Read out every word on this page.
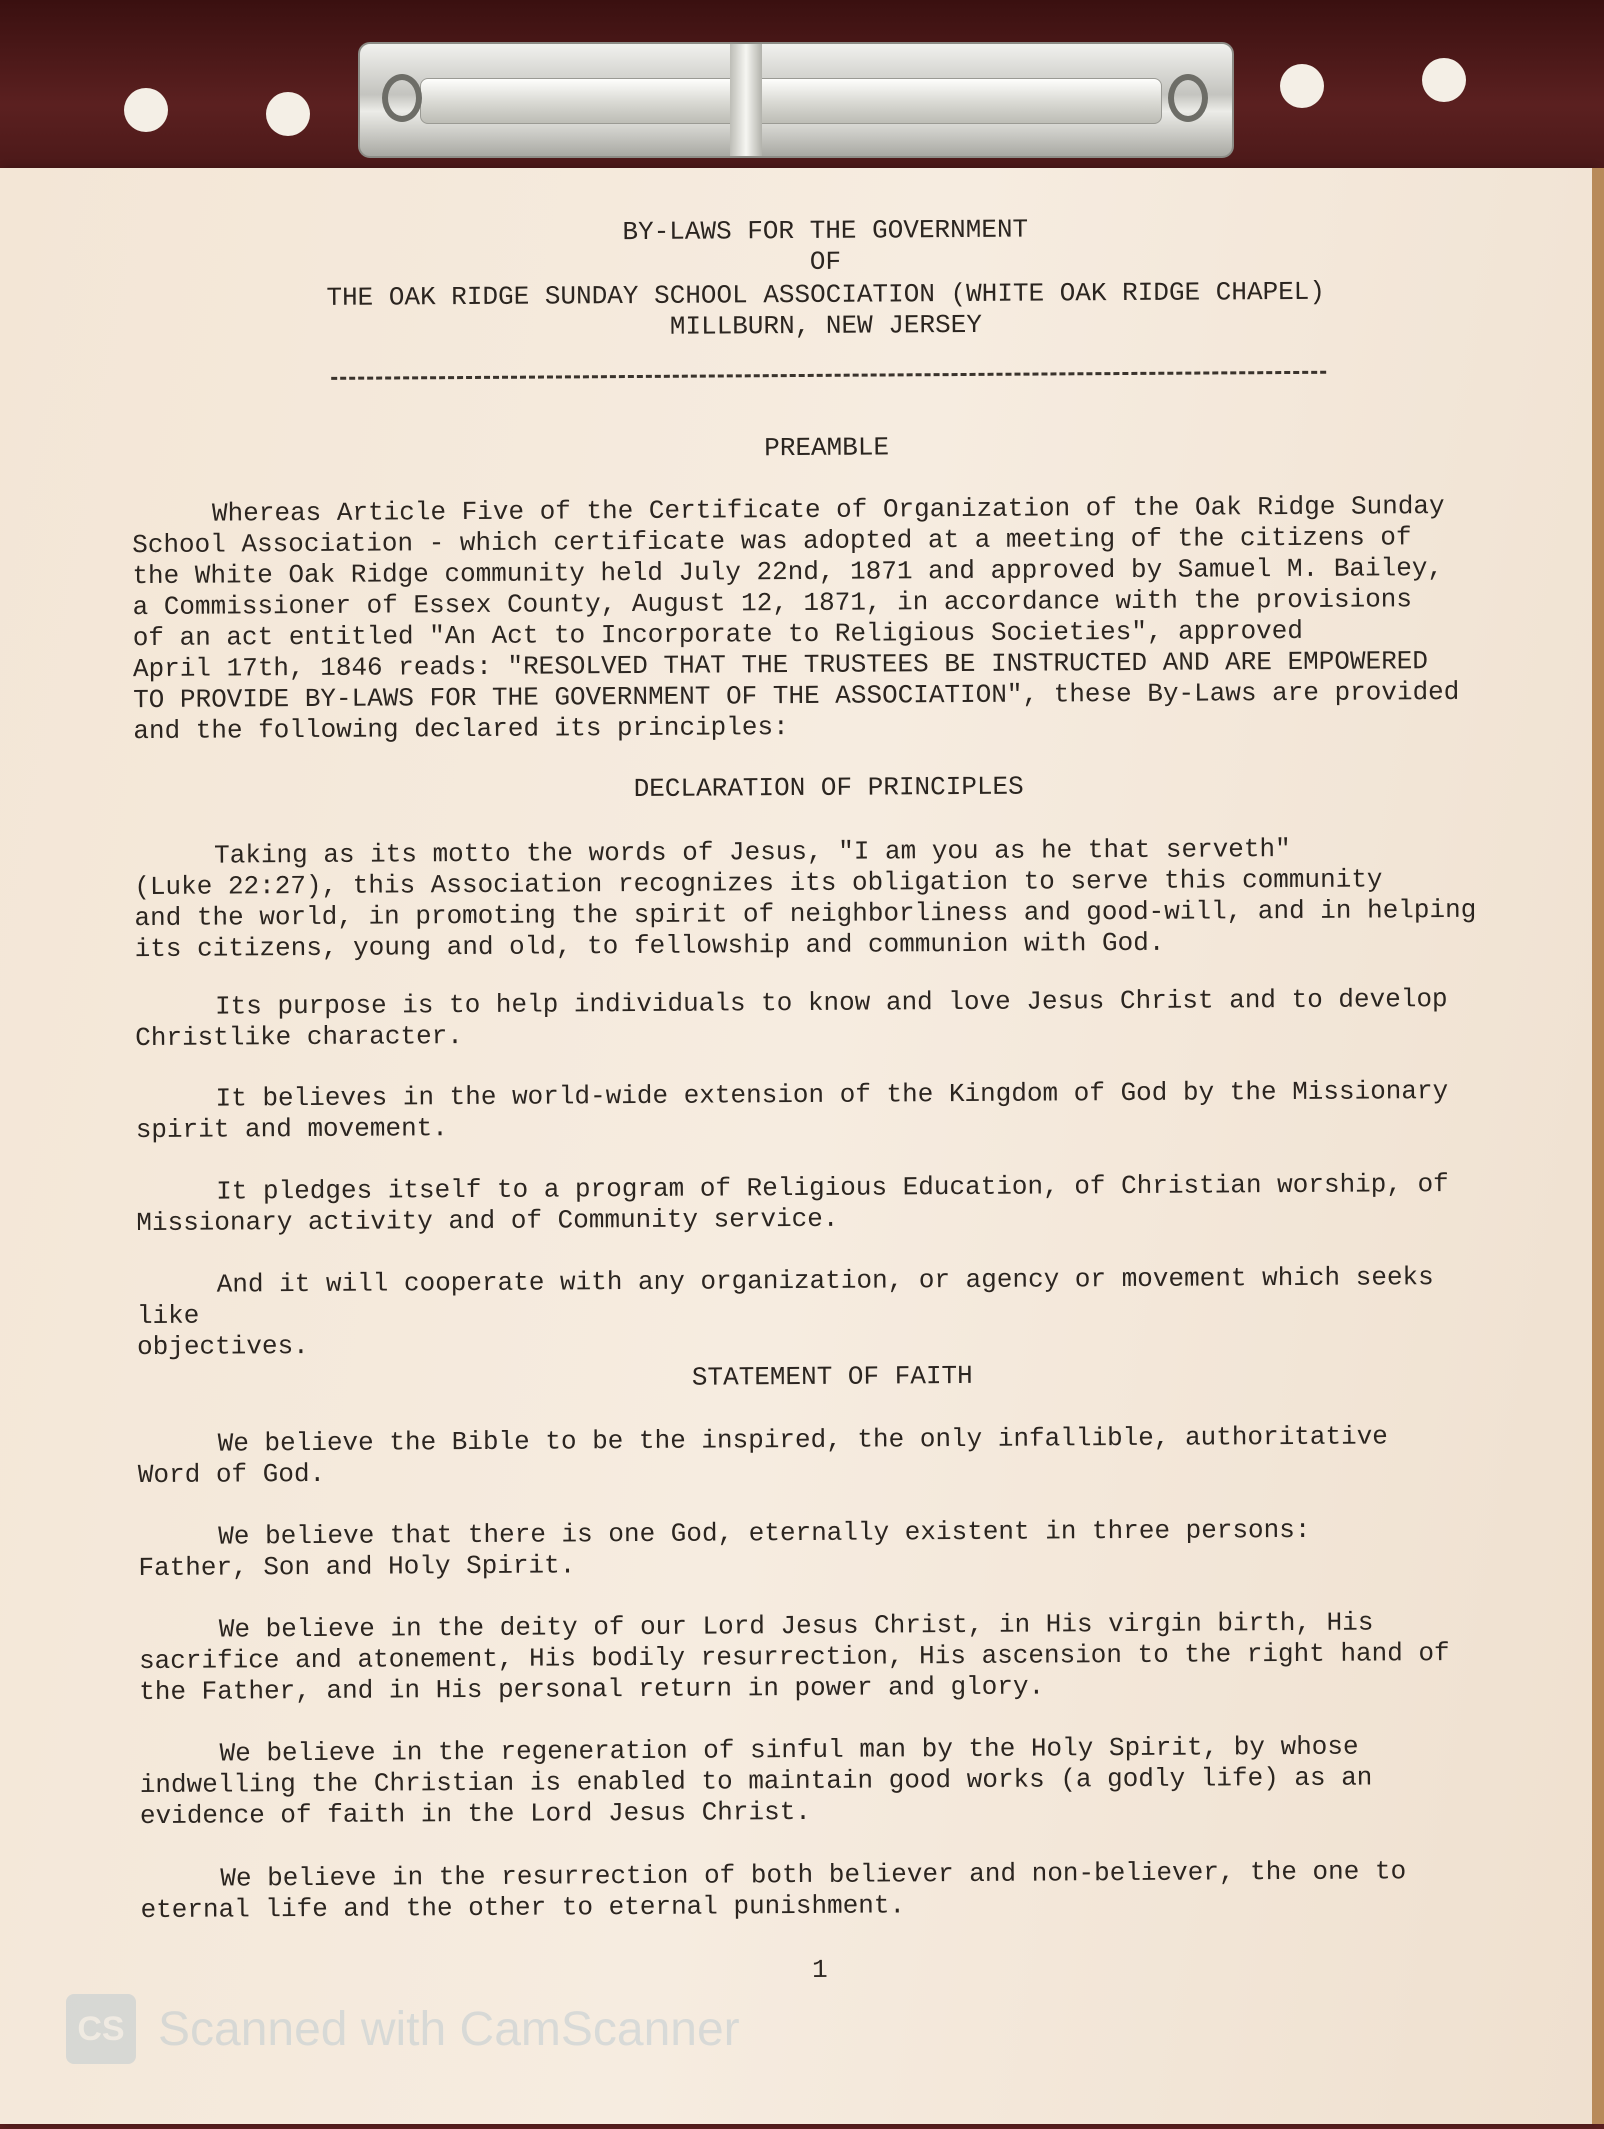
BY-LAWS FOR THE GOVERNMENT

OF

THE OAK RIDGE SUNDAY SCHOOL ASSOCIATION (WHITE OAK RIDGE CHAPEL)

MILLBURN, NEW JERSEY

PREAMBLE

Whereas Article Five of the Certificate of Organization of the Oak Ridge Sunday
School Association - which certificate was adopted at a meeting of the citizens of
the White Oak Ridge community held July 22nd, 1871 and approved by Samuel M. Bailey,
a Commissioner of Essex County, August 12, 1871, in accordance with the provisions
of an act entitled "An Act to Incorporate to Religious Societies", approved
April 17th, 1846 reads: "RESOLVED THAT THE TRUSTEES BE INSTRUCTED AND ARE EMPOWERED
TO PROVIDE BY-LAWS FOR THE GOVERNMENT OF THE ASSOCIATION", these By-Laws are provided
and the following declared its principles:

DECLARATION OF PRINCIPLES

Taking as its motto the words of Jesus, "I am you as he that serveth"
(Luke 22:27), this Association recognizes its obligation to serve this community
and the world, in promoting the spirit of neighborliness and good-will, and in helping
its citizens, young and old, to fellowship and communion with God.

Its purpose is to help individuals to know and love Jesus Christ and to develop
Christlike character.

It believes in the world-wide extension of the Kingdom of God by the Missionary
spirit and movement.

It pledges itself to a program of Religious Education, of Christian worship, of
Missionary activity and of Community service.

And it will cooperate with any organization, or agency or movement which seeks like
objectives.

STATEMENT OF FAITH

We believe the Bible to be the inspired, the only infallible, authoritative
Word of God.

We believe that there is one God, eternally existent in three persons:
Father, Son and Holy Spirit.

We believe in the deity of our Lord Jesus Christ, in His virgin birth, His
sacrifice and atonement, His bodily resurrection, His ascension to the right hand of
the Father, and in His personal return in power and glory.

We believe in the regeneration of sinful man by the Holy Spirit, by whose
indwelling the Christian is enabled to maintain good works (a godly life) as an
evidence of faith in the Lord Jesus Christ.

We believe in the resurrection of both believer and non-believer, the one to
eternal life and the other to eternal punishment.

1

CS Scanned with CamScanner
